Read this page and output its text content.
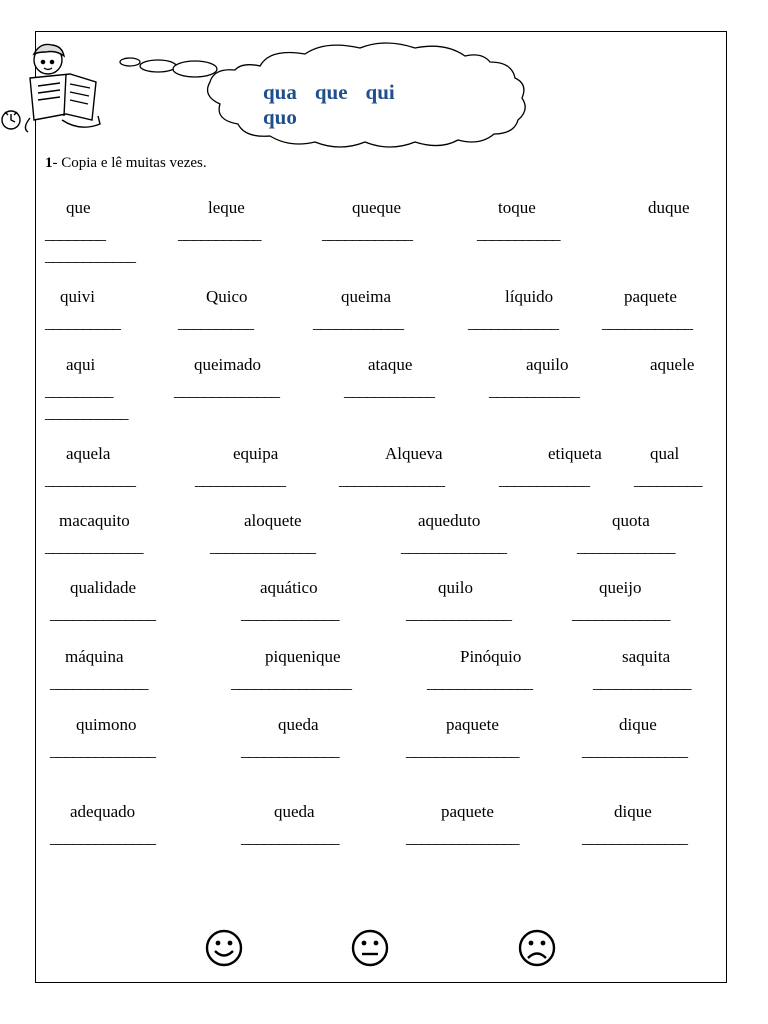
qua que qui
quo
1- Copia e lê muitas vezes.
que	leque	queque	toque	duque
________	___________	____________	___________
____________
quivi	Quico	queima	líquido	paquete
__________	__________	____________	____________	____________
aqui	queimado	ataque	aquilo	aquele
_________	______________	____________	____________
___________
aquela	equipa	Alqueva	etiqueta	qual
____________	____________	______________	____________	_________
macaquito	aloquete	aqueduto	quota
_____________	______________	______________	_____________
qualidade	aquático	quilo	queijo
______________	_____________	______________	_____________
máquina	piquenique	Pinóquio	saquita
_____________	________________	______________	_____________
quimono	queda	paquete	dique
______________	_____________	_______________	______________
adequado	queda	paquete	dique
______________	_____________	_______________	______________
